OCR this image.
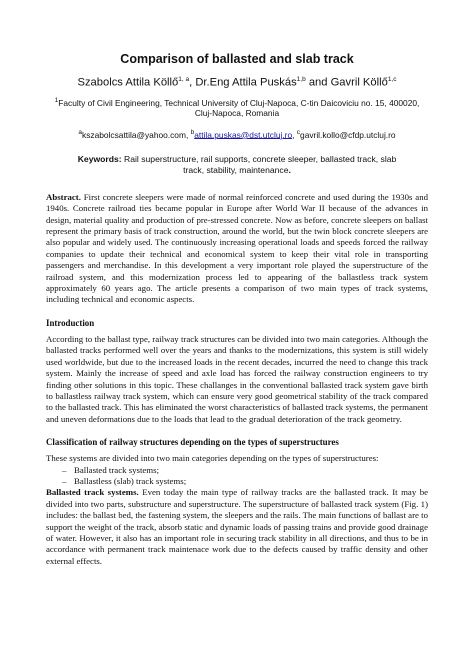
Comparison of ballasted and slab track
Szabolcs Attila Köllő$^{1, a}$, Dr.Eng Attila Puskás$^{1,b}$ and Gavril Köllő$^{1,c}$
$^1$Faculty of Civil Engineering, Technical University of Cluj-Napoca, C-tin Daicoviciu no. 15, 400020, Cluj-Napoca, Romania
$^a$kszabolcsattila@yahoo.com, $^b$attila.puskas@dst.utcluj.ro, $^c$gavril.kollo@cfdp.utcluj.ro
Keywords: Rail superstructure, rail supports, concrete sleeper, ballasted track, slab track, stability, maintenance.
Abstract. First concrete sleepers were made of normal reinforced concrete and used during the 1930s and 1940s. Concrete railroad ties became popular in Europe after World War II because of the advances in design, material quality and production of pre-stressed concrete. Now as before, concrete sleepers on ballast represent the primary basis of track construction, around the world, but the twin block concrete sleepers are also popular and widely used. The continuously increasing operational loads and speeds forced the railway companies to update their technical and economical system to keep their vital role in transporting passengers and merchandise. In this development a very important role played the superstructure of the railroad system, and this modernization process led to appearing of the ballastless track system approximately 60 years ago. The article presents a comparison of two main types of track systems, including technical and economic aspects.
Introduction

According to the ballast type, railway track structures can be divided into two main categories. Although the ballasted tracks performed well over the years and thanks to the modernizations, this system is still widely used worldwide, but due to the increased loads in the recent decades, incurred the need to change this track system. Mainly the increase of speed and axle load has forced the railway construction engineers to try finding other solutions in this topic. These challanges in the conventional ballasted track system gave birth to ballastless railway track system, which can ensure very good geometrical stability of the track compared to the ballasted track. This has eliminated the worst characteristics of ballasted track systems, the permanent and uneven deformations due to the loads that lead to the gradual deterioration of the track geometry.

Classification of railway structures depending on the types of superstructures

These systems are divided into two main categories depending on the types of superstructures:

– Ballasted track systems;
– Ballastless (slab) track systems;

Ballasted track systems. Even today the main type of railway tracks are the ballasted track. It may be divided into two parts, substructure and superstructure. The superstructure of ballasted track system (Fig. 1) includes: the ballast bed, the fastening system, the sleepers and the rails. The main functions of ballast are to support the weight of the track, absorb static and dynamic loads of passing trains and provide good drainage of water. However, it also has an important role in securing track stability in all directions, and thus to be in accordance with permanent track maintenace work due to the defects caused by traffic density and other external effects.
